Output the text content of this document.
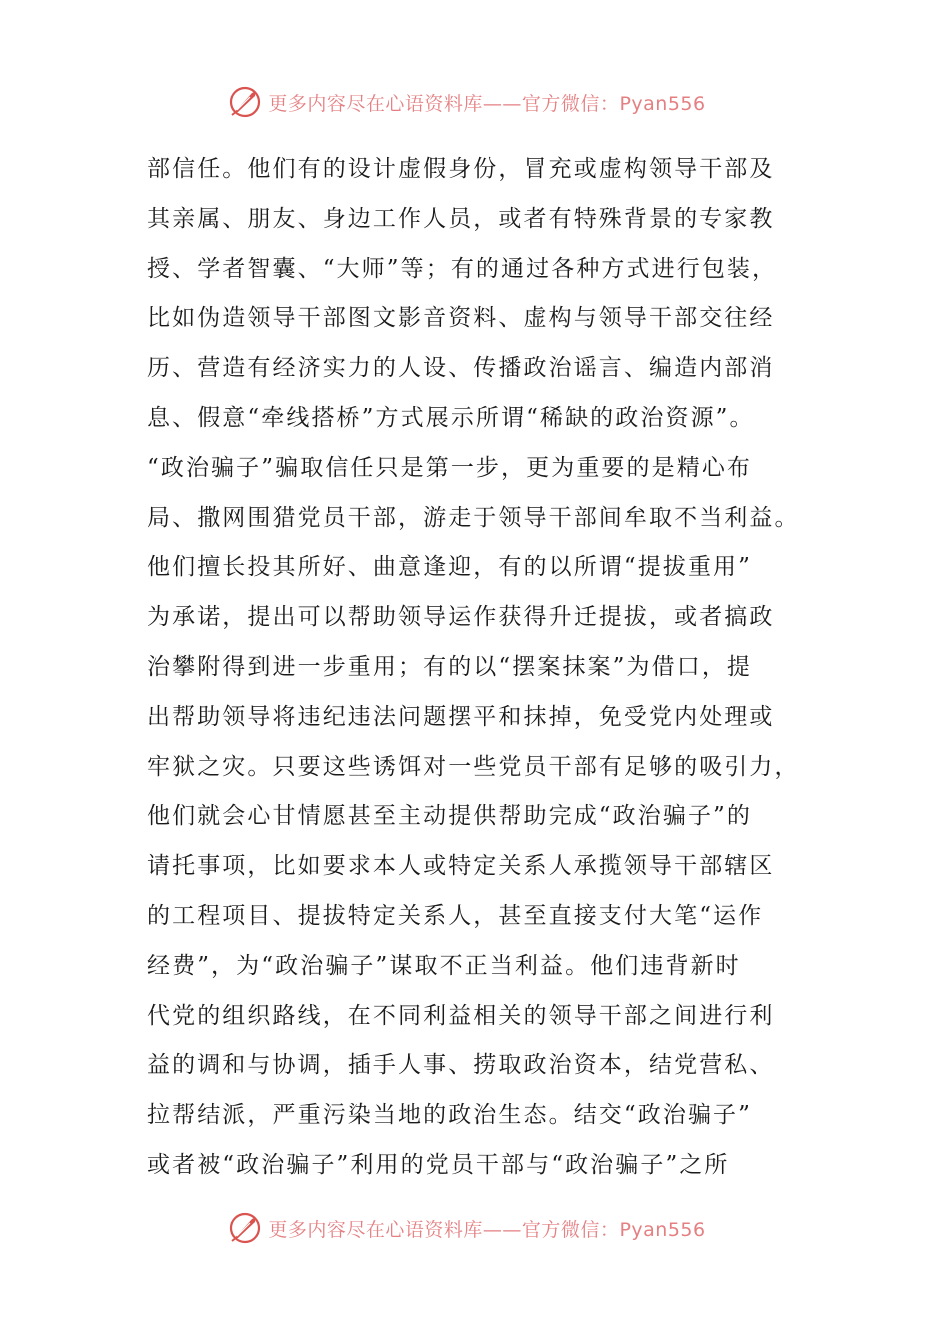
更多内容尽在心语资料库——官方微信：Pyan556
部信任。他们有的设计虚假身份，冒充或虚构领导干部及
其亲属、朋友、身边工作人员，或者有特殊背景的专家教
授、学者智囊、“大师”等；有的通过各种方式进行包装，
比如伪造领导干部图文影音资料、虚构与领导干部交往经
历、营造有经济实力的人设、传播政治谣言、编造内部消
息、假意“牵线搭桥”方式展示所谓“稀缺的政治资源”。
“政治骗子”骗取信任只是第一步，更为重要的是精心布
局、撒网围猎党员干部，游走于领导干部间牟取不当利益。
他们擅长投其所好、曲意逢迎，有的以所谓“提拔重用”
为承诺，提出可以帮助领导运作获得升迁提拔，或者搞政
治攀附得到进一步重用；有的以“摆案抹案”为借口，提
出帮助领导将违纪违法问题摆平和抹掉，免受党内处理或
牢狱之灾。只要这些诱饵对一些党员干部有足够的吸引力，
他们就会心甘情愿甚至主动提供帮助完成“政治骗子”的
请托事项，比如要求本人或特定关系人承揽领导干部辖区
的工程项目、提拔特定关系人，甚至直接支付大笔“运作
经费”，为“政治骗子”谋取不正当利益。他们违背新时
代党的组织路线，在不同利益相关的领导干部之间进行利
益的调和与协调，插手人事、捞取政治资本，结党营私、
拉帮结派，严重污染当地的政治生态。结交“政治骗子”
或者被“政治骗子”利用的党员干部与“政治骗子”之所
更多内容尽在心语资料库——官方微信：Pyan556
